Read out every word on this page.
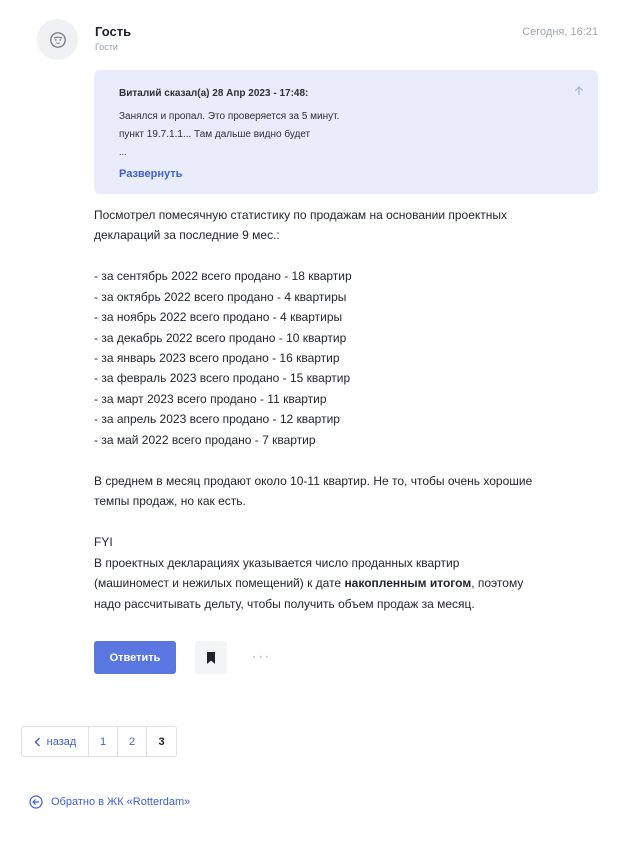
Гость
Гости
Сегодня, 16:21
Виталий сказал(а) 28 Апр 2023 - 17:48:
Занялся и пропал. Это проверяется за 5 минут.
пункт 19.7.1.1... Там дальше видно будет
...
Развернуть
Посмотрел помесячную статистику по продажам на основании проектных
деклараций за последние 9 мес.:
- за сентябрь 2022 всего продано - 18 квартир
- за октябрь 2022 всего продано - 4 квартиры
- за ноябрь 2022 всего продано - 4 квартиры
- за декабрь 2022 всего продано - 10 квартир
- за январь 2023 всего продано - 16 квартир
- за февраль 2023 всего продано - 15 квартир
- за март 2023 всего продано - 11 квартир
- за апрель 2023 всего продано - 12 квартир
- за май 2022 всего продано - 7 квартир
В среднем в месяц продают около 10-11 квартир. Не то, чтобы очень хорошие
темпы продаж, но как есть.
FYI
В проектных декларациях указывается число проданных квартир
(машиномест и нежилых помещений) к дате накопленным итогом, поэтому
надо рассчитывать дельту, чтобы получить объем продаж за месяц.
Ответить	···
назад	1	2	3
Обратно в ЖК «Rotterdam»
